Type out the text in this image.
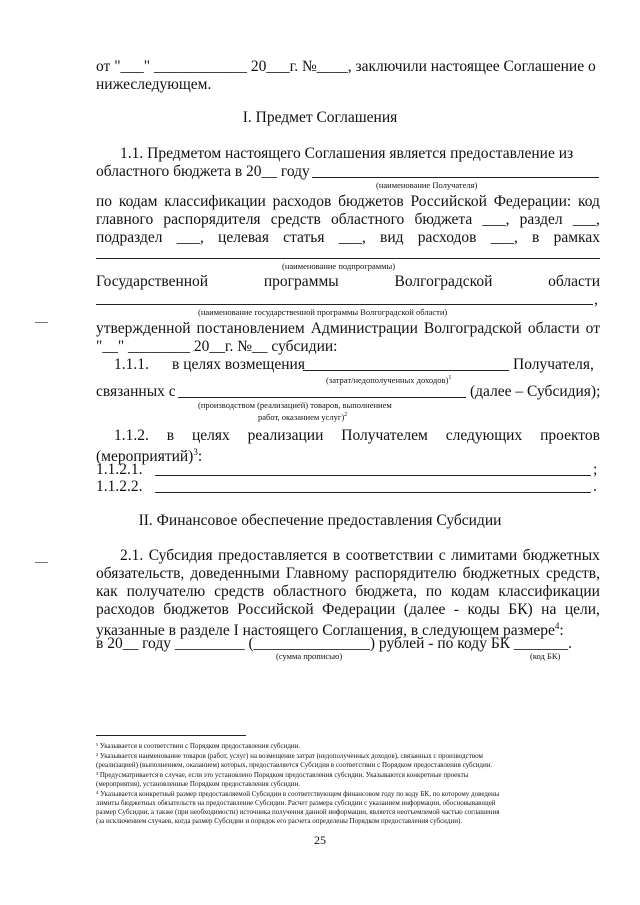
от "___" ____________ 20___г. №____, заключили настоящее Соглашение о
нижеследующем.
I. Предмет Соглашения
1.1. Предметом настоящего Соглашения является предоставление из
областного бюджета в 20__ году
(наименование Получателя)
по кодам классификации расходов бюджетов Российской Федерации: код
главного распорядителя средств областного бюджета ___, раздел ___,
подраздел ___, целевая статья ___, вид расходов ___, в рамках
(наименование подпрограммы)
Государственной	программы	Волгоградской	области
,
(наименование государственной программы Волгоградской области)
утвержденной постановлением Администрации Волгоградской области от
"__" ________ 20__г. №__ субсидии:
1.1.1. в целях возмещения	Получателя,
(затрат/недополученных доходов)$^1$
связанных с	(далее – Субсидия);
(производством (реализацией) товаров, выполнением
работ, оказанием услуг)$^2$
1.1.2. в целях реализации Получателем следующих проектов
(мероприятий)$^3$:
1.1.2.1.	;
1.1.2.2.	.
II. Финансовое обеспечение предоставления Субсидии
2.1. Субсидия предоставляется в соответствии с лимитами бюджетных
обязательств, доведенными Главному распорядителю бюджетных средств,
как получателю средств областного бюджета, по кодам классификации
расходов бюджетов Российской Федерации (далее - коды БК) на цели,
указанные в разделе I настоящего Соглашения, в следующем размере$^4$:
в 20__ году _________ (_______________) рублей - по коду БК _______.
(сумма прописью)	(код БК)
¹ Указывается в соответствии с Порядком предоставления субсидии.
² Указывается наименование товаров (работ, услуг) на возмещение затрат (недополученных доходов), связанных с производством
(реализацией) (выполнением, оказанием) которых, предоставляется Субсидия в соответствии с Порядком предоставления субсидии.
³ Предусматривается в случае, если это установлено Порядком предоставления субсидии. Указываются конкретные проекты
(мероприятия), установленные Порядком предоставления субсидии.
⁴ Указывается конкретный размер предоставляемой Субсидии в соответствующем финансовом году по коду БК, по которому доведены
лимиты бюджетных обязательств на предоставление Субсидии. Расчет размера субсидии с указанием информации, обосновывающей
размер Субсидии, а также (при необходимости) источника получения данной информации, является неотъемлемой частью соглашения
(за исключением случаев, когда размер Субсидии и порядок его расчета определены Порядком предоставления субсидии).
25
